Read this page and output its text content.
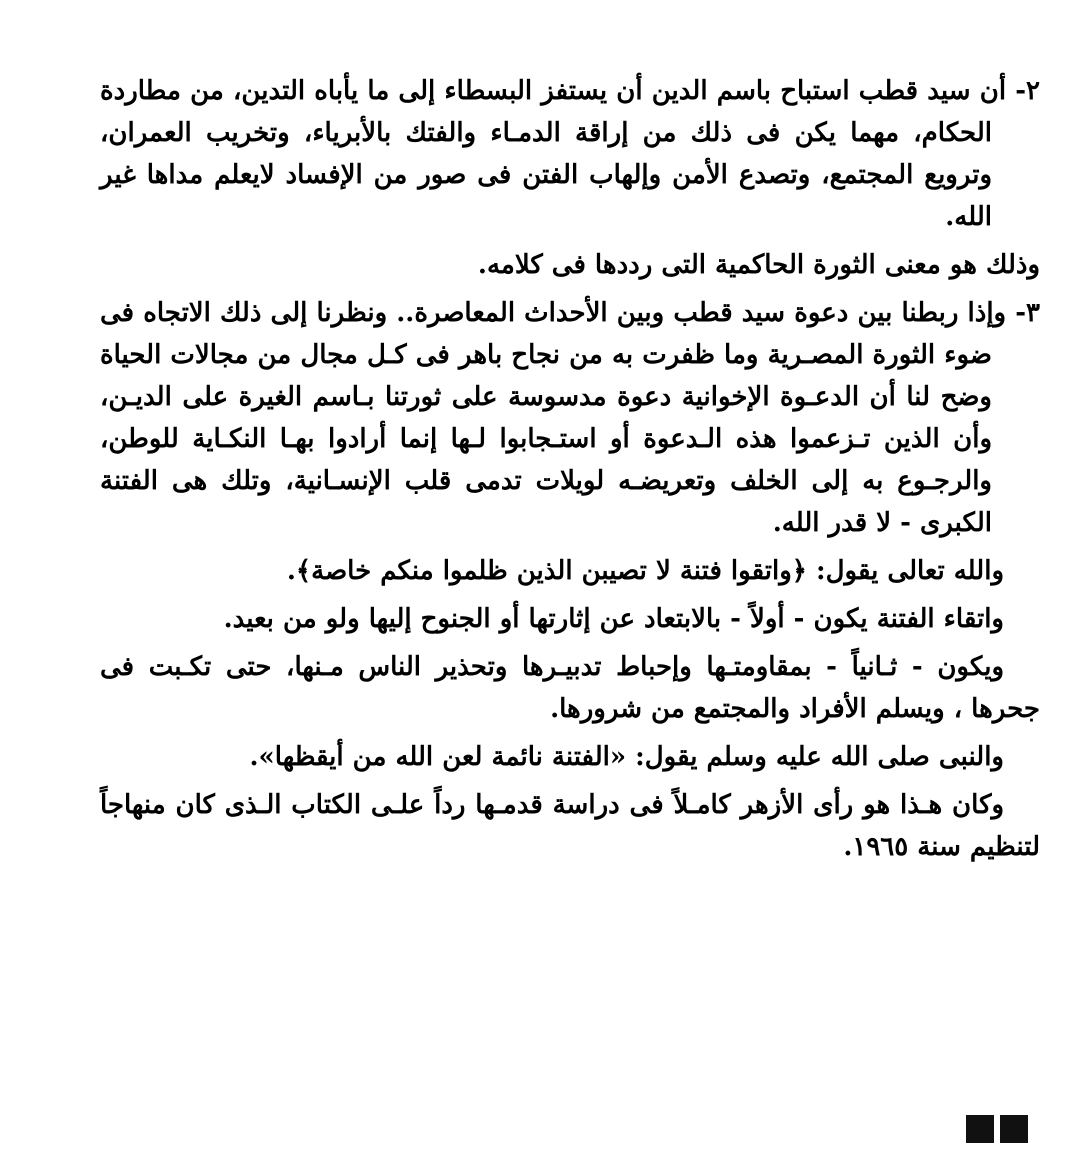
٢- أن سيد قطب استباح باسم الدين أن يستفز البسطاء إلى ما يأباه التدين، من مطاردة الحكام، مهما يكن فى ذلك من إراقة الدمـاء والفتك بالأبرياء، وتخريب العمران، وترويع المجتمع، وتصدع الأمن وإلهاب الفتن فى صور من الإفساد لايعلم مداها غير الله.

وذلك هو معنى الثورة الحاكمية التى رددها فى كلامه.

٣- وإذا ربطنا بين دعوة سيد قطب وبين الأحداث المعاصرة.. ونظرنا إلى ذلك الاتجاه فى ضوء الثورة المصـرية وما ظفرت به من نجاح باهر فى كـل مجال من مجالات الحياة وضح لنا أن الدعـوة الإخوانية دعوة مدسوسة على ثورتنا بـاسم الغيرة على الديـن، وأن الذين تـزعموا هذه الـدعوة أو استـجابوا لـها إنما أرادوا بهـا النكـاية للوطن، والرجـوع به إلى الخلف وتعريضـه لويلات تدمى قلب الإنسـانية، وتلك هى الفتنة الكبرى - لا قدر الله.

والله تعالى يقول: ﴿واتقوا فتنة لا تصيبن الذين ظلموا منكم خاصة﴾.

واتقاء الفتنة يكون - أولاً - بالابتعاد عن إثارتها أو الجنوح إليها ولو من بعيد.

ويكون - ثـانياً - بمقاومتـها وإحباط تدبيـرها وتحذير الناس مـنها، حتى تكـبت فى جحرها ، ويسلم الأفراد والمجتمع من شرورها.

والنبى صلى الله عليه وسلم يقول: «الفتنة نائمة لعن الله من أيقظها».

وكان هـذا هو رأى الأزهر كامـلاً فى دراسة قدمـها رداً علـى الكتاب الـذى كان منهاجاً لتنظيم سنة ١٩٦٥.
